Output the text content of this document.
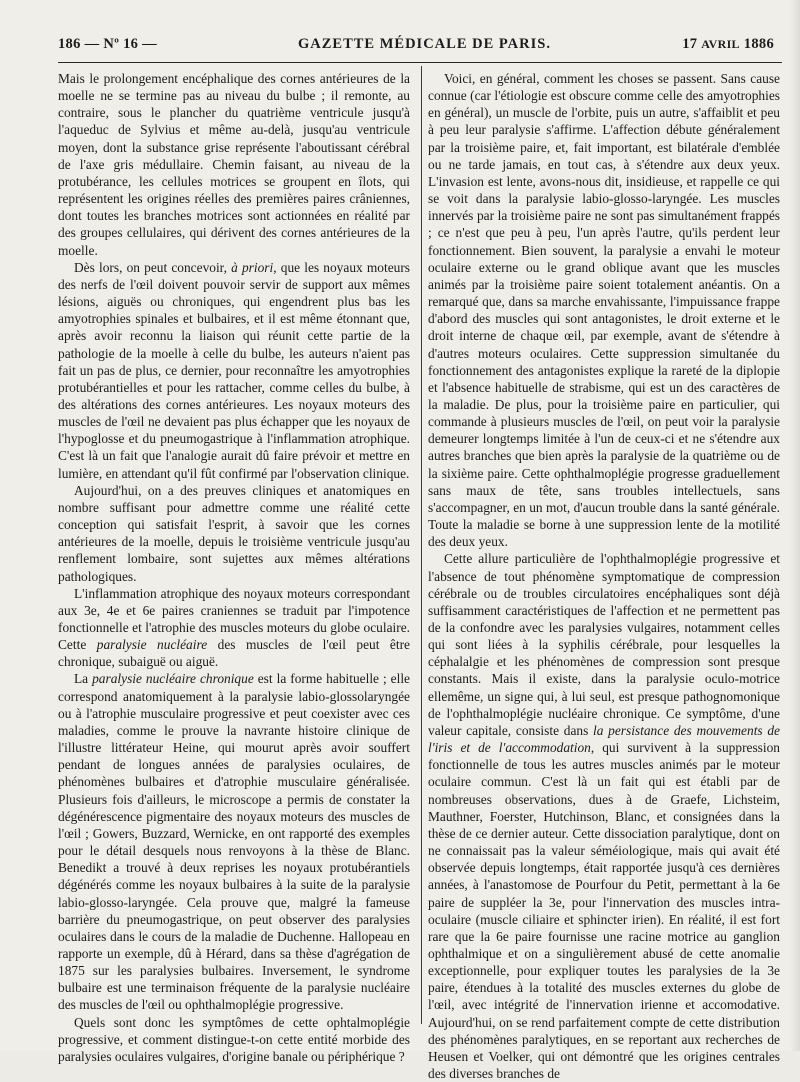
186 — Nº 16 —	GAZETTE MÉDICALE DE PARIS.	17 AVRIL 1886

Mais le prolongement encéphalique des cornes antérieures de la moelle ne se termine pas au niveau du bulbe ; il remonte, au contraire, sous le plancher du quatrième ventricule jusqu'à l'aqueduc de Sylvius et même au-delà, jusqu'au ventricule moyen, dont la substance grise représente l'aboutissant cérébral de l'axe gris médullaire. Chemin faisant, au niveau de la protubérance, les cellules motrices se groupent en îlots, qui représentent les origines réelles des premières paires crâniennes, dont toutes les branches motrices sont actionnées en réalité par des groupes cellulaires, qui dérivent des cornes antérieures de la moelle.

Dès lors, on peut concevoir, à priori, que les noyaux moteurs des nerfs de l'œil doivent pouvoir servir de support aux mêmes lésions, aiguës ou chroniques, qui engendrent plus bas les amyotrophies spinales et bulbaires, et il est même étonnant que, après avoir reconnu la liaison qui réunit cette partie de la pathologie de la moelle à celle du bulbe, les auteurs n'aient pas fait un pas de plus, ce dernier, pour reconnaître les amyotrophies protubérantielles et pour les rattacher, comme celles du bulbe, à des altérations des cornes antérieures. Les noyaux moteurs des muscles de l'œil ne devaient pas plus échapper que les noyaux de l'hypoglosse et du pneumogastrique à l'inflammation atrophique. C'est là un fait que l'analogie aurait dû faire prévoir et mettre en lumière, en attendant qu'il fût confirmé par l'observation clinique.

Aujourd'hui, on a des preuves cliniques et anatomiques en nombre suffisant pour admettre comme une réalité cette conception qui satisfait l'esprit, à savoir que les cornes antérieures de la moelle, depuis le troisième ventricule jusqu'au renflement lombaire, sont sujettes aux mêmes altérations pathologiques.

L'inflammation atrophique des noyaux moteurs correspondant aux 3e, 4e et 6e paires craniennes se traduit par l'impotence fonctionnelle et l'atrophie des muscles moteurs du globe oculaire. Cette paralysie nucléaire des muscles de l'œil peut être chronique, subaiguë ou aiguë.

La paralysie nucléaire chronique est la forme habituelle ; elle correspond anatomiquement à la paralysie labio-glossolaryngée ou à l'atrophie musculaire progressive et peut coexister avec ces maladies, comme le prouve la navrante histoire clinique de l'illustre littérateur Heine, qui mourut après avoir souffert pendant de longues années de paralysies oculaires, de phénomènes bulbaires et d'atrophie musculaire généralisée. Plusieurs fois d'ailleurs, le microscope a permis de constater la dégénérescence pigmentaire des noyaux moteurs des muscles de l'œil ; Gowers, Buzzard, Wernicke, en ont rapporté des exemples pour le détail desquels nous renvoyons à la thèse de Blanc. Benedikt a trouvé à deux reprises les noyaux protubérantiels dégénérés comme les noyaux bulbaires à la suite de la paralysie labio-glosso-laryngée. Cela prouve que, malgré la fameuse barrière du pneumogastrique, on peut observer des paralysies oculaires dans le cours de la maladie de Duchenne. Hallopeau en rapporte un exemple, dû à Hérard, dans sa thèse d'agrégation de 1875 sur les paralysies bulbaires. Inversement, le syndrome bulbaire est une terminaison fréquente de la paralysie nucléaire des muscles de l'œil ou ophthalmoplégie progressive.

Quels sont donc les symptômes de cette ophtalmoplégie progressive, et comment distingue-t-on cette entité morbide des paralysies oculaires vulgaires, d'origine banale ou périphérique ?

Voici, en général, comment les choses se passent. Sans cause connue (car l'étiologie est obscure comme celle des amyotrophies en général), un muscle de l'orbite, puis un autre, s'affaiblit et peu à peu leur paralysie s'affirme. L'affection débute généralement par la troisième paire, et, fait important, est bilatérale d'emblée ou ne tarde jamais, en tout cas, à s'étendre aux deux yeux. L'invasion est lente, avons-nous dit, insidieuse, et rappelle ce qui se voit dans la paralysie labio-glosso-laryngée. Les muscles innervés par la troisième paire ne sont pas simultanément frappés ; ce n'est que peu à peu, l'un après l'autre, qu'ils perdent leur fonctionnement. Bien souvent, la paralysie a envahi le moteur oculaire externe ou le grand oblique avant que les muscles animés par la troisième paire soient totalement anéantis. On a remarqué que, dans sa marche envahissante, l'impuissance frappe d'abord des muscles qui sont antagonistes, le droit externe et le droit interne de chaque œil, par exemple, avant de s'étendre à d'autres moteurs oculaires. Cette suppression simultanée du fonctionnement des antagonistes explique la rareté de la diplopie et l'absence habituelle de strabisme, qui est un des caractères de la maladie. De plus, pour la troisième paire en particulier, qui commande à plusieurs muscles de l'œil, on peut voir la paralysie demeurer longtemps limitée à l'un de ceux-ci et ne s'étendre aux autres branches que bien après la paralysie de la quatrième ou de la sixième paire. Cette ophthalmoplégie progresse graduellement sans maux de tête, sans troubles intellectuels, sans s'accompagner, en un mot, d'aucun trouble dans la santé générale. Toute la maladie se borne à une suppression lente de la motilité des deux yeux.

Cette allure particulière de l'ophthalmoplégie progressive et l'absence de tout phénomène symptomatique de compression cérébrale ou de troubles circulatoires encéphaliques sont déjà suffisamment caractéristiques de l'affection et ne permettent pas de la confondre avec les paralysies vulgaires, notamment celles qui sont liées à la syphilis cérébrale, pour lesquelles la céphalalgie et les phénomènes de compression sont presque constants. Mais il existe, dans la paralysie oculo-motrice ellemême, un signe qui, à lui seul, est presque pathognomonique de l'ophthalmoplégie nucléaire chronique. Ce symptôme, d'une valeur capitale, consiste dans la persistance des mouvements de l'iris et de l'accommodation, qui survivent à la suppression fonctionnelle de tous les autres muscles animés par le moteur oculaire commun. C'est là un fait qui est établi par de nombreuses observations, dues à de Graefe, Lichsteim, Mauthner, Foerster, Hutchinson, Blanc, et consignées dans la thèse de ce dernier auteur. Cette dissociation paralytique, dont on ne connaissait pas la valeur séméiologique, mais qui avait été observée depuis longtemps, était rapportée jusqu'à ces dernières années, à l'anastomose de Pourfour du Petit, permettant à la 6e paire de suppléer la 3e, pour l'innervation des muscles intra-oculaire (muscle ciliaire et sphincter irien). En réalité, il est fort rare que la 6e paire fournisse une racine motrice au ganglion ophthalmique et on a singulièrement abusé de cette anomalie exceptionnelle, pour expliquer toutes les paralysies de la 3e paire, étendues à la totalité des muscles externes du globe de l'œil, avec intégrité de l'innervation irienne et accomodative. Aujourd'hui, on se rend parfaitement compte de cette distribution des phénomènes paralytiques, en se reportant aux recherches de Heusen et Voelker, qui ont démontré que les origines centrales des diverses branches de
